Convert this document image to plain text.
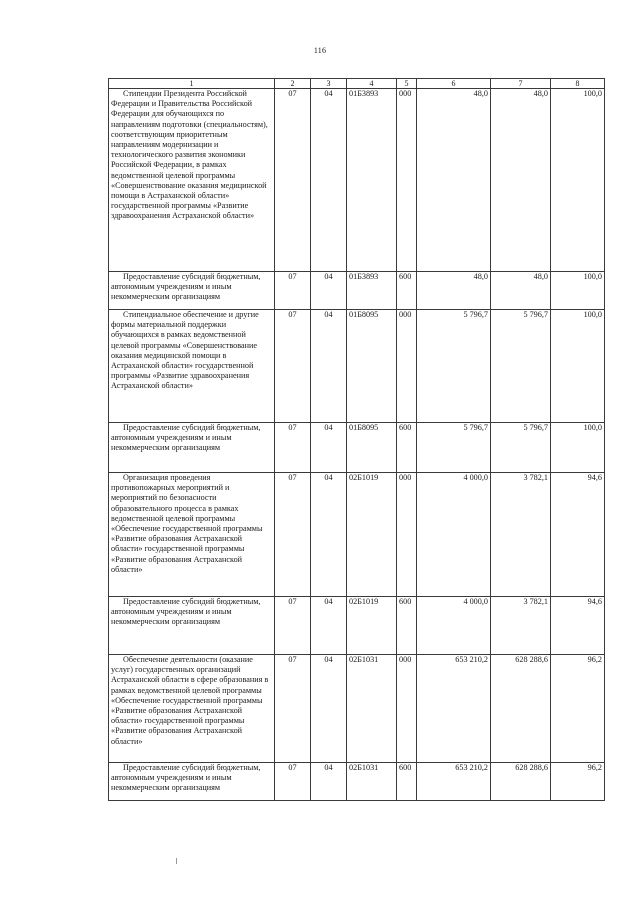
116
1	2	3	4	5	6	7	8
Стипендии Президента Российской Федерации и Правительства Российской Федерации для обучающихся по направлениям подготовки (специальностям), соответствующим приоритетным направлениям модернизации и технологического развития экономики Российской Федерации, в рамках ведомственной целевой программы «Совершенствование оказания медицинской помощи в Астраханской области» государственной программы «Развитие здравоохранения Астраханской области»	07	04	01Б3893	000	48,0	48,0	100,0
Предоставление субсидий бюджетным, автономным учреждениям и иным некоммерческим организациям	07	04	01Б3893	600	48,0	48,0	100,0
Стипендиальное обеспечение и другие формы материальной поддержки обучающихся в рамках ведомственной целевой программы «Совершенствование оказания медицинской помощи в Астраханской области» государственной программы «Развитие здравоохранения Астраханской области»	07	04	01Б8095	000	5 796,7	5 796,7	100,0
Предоставление субсидий бюджетным, автономным учреждениям и иным некоммерческим организациям	07	04	01Б8095	600	5 796,7	5 796,7	100,0
Организация проведения противопожарных мероприятий и мероприятий по безопасности образовательного процесса в рамках ведомственной целевой программы «Обеспечение государственной программы «Развитие образования Астраханской области» государственной программы «Развитие образования Астраханской области»	07	04	02Б1019	000	4 000,0	3 782,1	94,6
Предоставление субсидий бюджетным, автономным учреждениям и иным некоммерческим организациям	07	04	02Б1019	600	4 000,0	3 782,1	94,6
Обеспечение деятельности (оказание услуг) государственных организаций Астраханской области в сфере образования в рамках ведомственной целевой программы «Обеспечение государственной программы «Развитие образования Астраханской области» государственной программы «Развитие образования Астраханской области»	07	04	02Б1031	000	653 210,2	628 288,6	96,2
Предоставление субсидий бюджетным, автономным учреждениям и иным некоммерческим организациям	07	04	02Б1031	600	653 210,2	628 288,6	96,2
